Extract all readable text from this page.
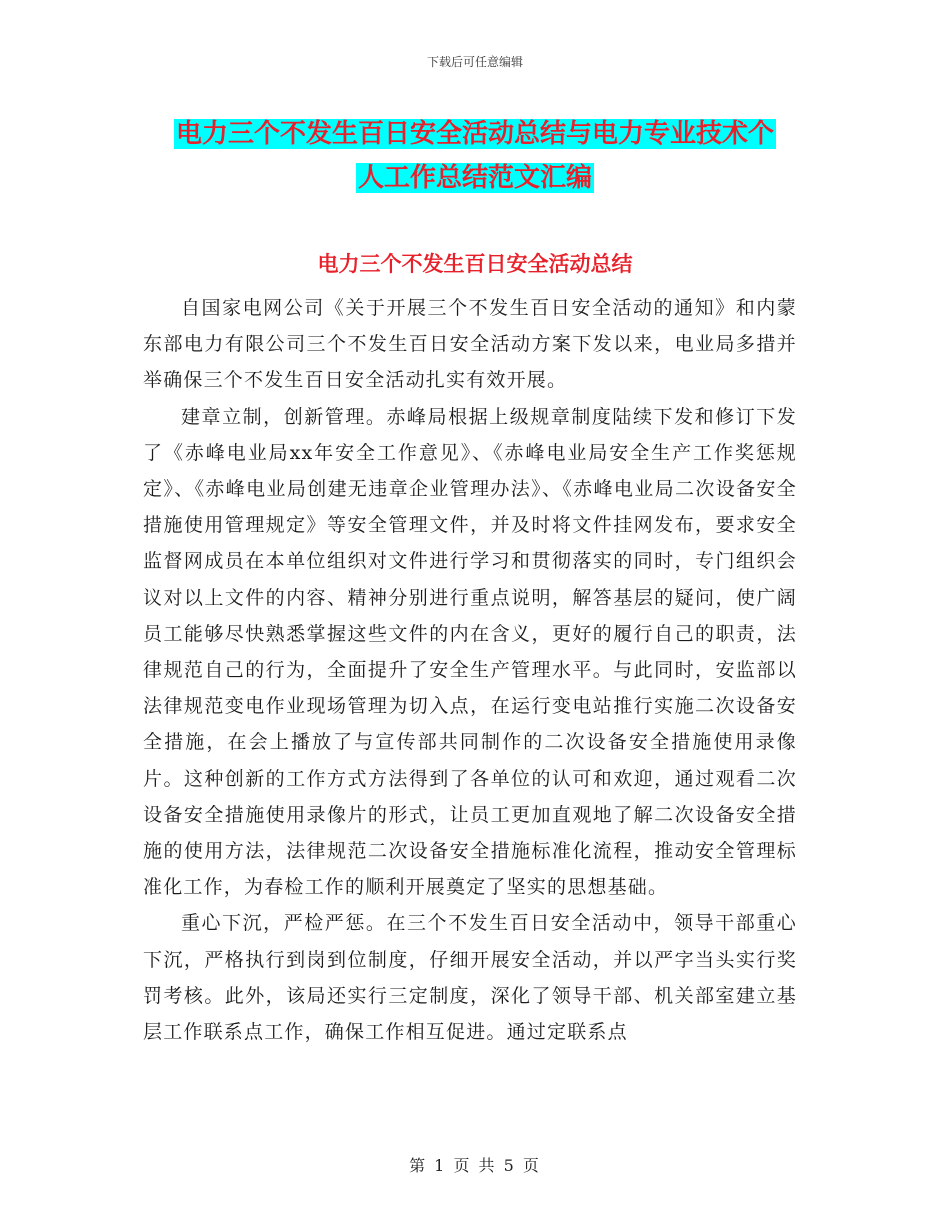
下载后可任意编辑
电力三个不发生百日安全活动总结与电力专业技术个
人工作总结范文汇编
电力三个不发生百日安全活动总结

自国家电网公司《关于开展三个不发生百日安全活动的通知》和内蒙东部电力有限公司三个不发生百日安全活动方案下发以来，电业局多措并举确保三个不发生百日安全活动扎实有效开展。

建章立制，创新管理。赤峰局根据上级规章制度陆续下发和修订下发了《赤峰电业局xx年安全工作意见》、《赤峰电业局安全生产工作奖惩规定》、《赤峰电业局创建无违章企业管理办法》、《赤峰电业局二次设备安全措施使用管理规定》等安全管理文件，并及时将文件挂网发布，要求安全监督网成员在本单位组织对文件进行学习和贯彻落实的同时，专门组织会议对以上文件的内容、精神分别进行重点说明，解答基层的疑问，使广阔员工能够尽快熟悉掌握这些文件的内在含义，更好的履行自己的职责，法律规范自己的行为，全面提升了安全生产管理水平。与此同时，安监部以法律规范变电作业现场管理为切入点，在运行变电站推行实施二次设备安全措施，在会上播放了与宣传部共同制作的二次设备安全措施使用录像片。这种创新的工作方式方法得到了各单位的认可和欢迎，通过观看二次设备安全措施使用录像片的形式，让员工更加直观地了解二次设备安全措施的使用方法，法律规范二次设备安全措施标准化流程，推动安全管理标准化工作，为春检工作的顺利开展奠定了坚实的思想基础。

重心下沉，严检严惩。在三个不发生百日安全活动中，领导干部重心下沉，严格执行到岗到位制度，仔细开展安全活动，并以严字当头实行奖罚考核。此外，该局还实行三定制度，深化了领导干部、机关部室建立基层工作联系点工作，确保工作相互促进。通过定联系点

第 1 页 共 5 页
